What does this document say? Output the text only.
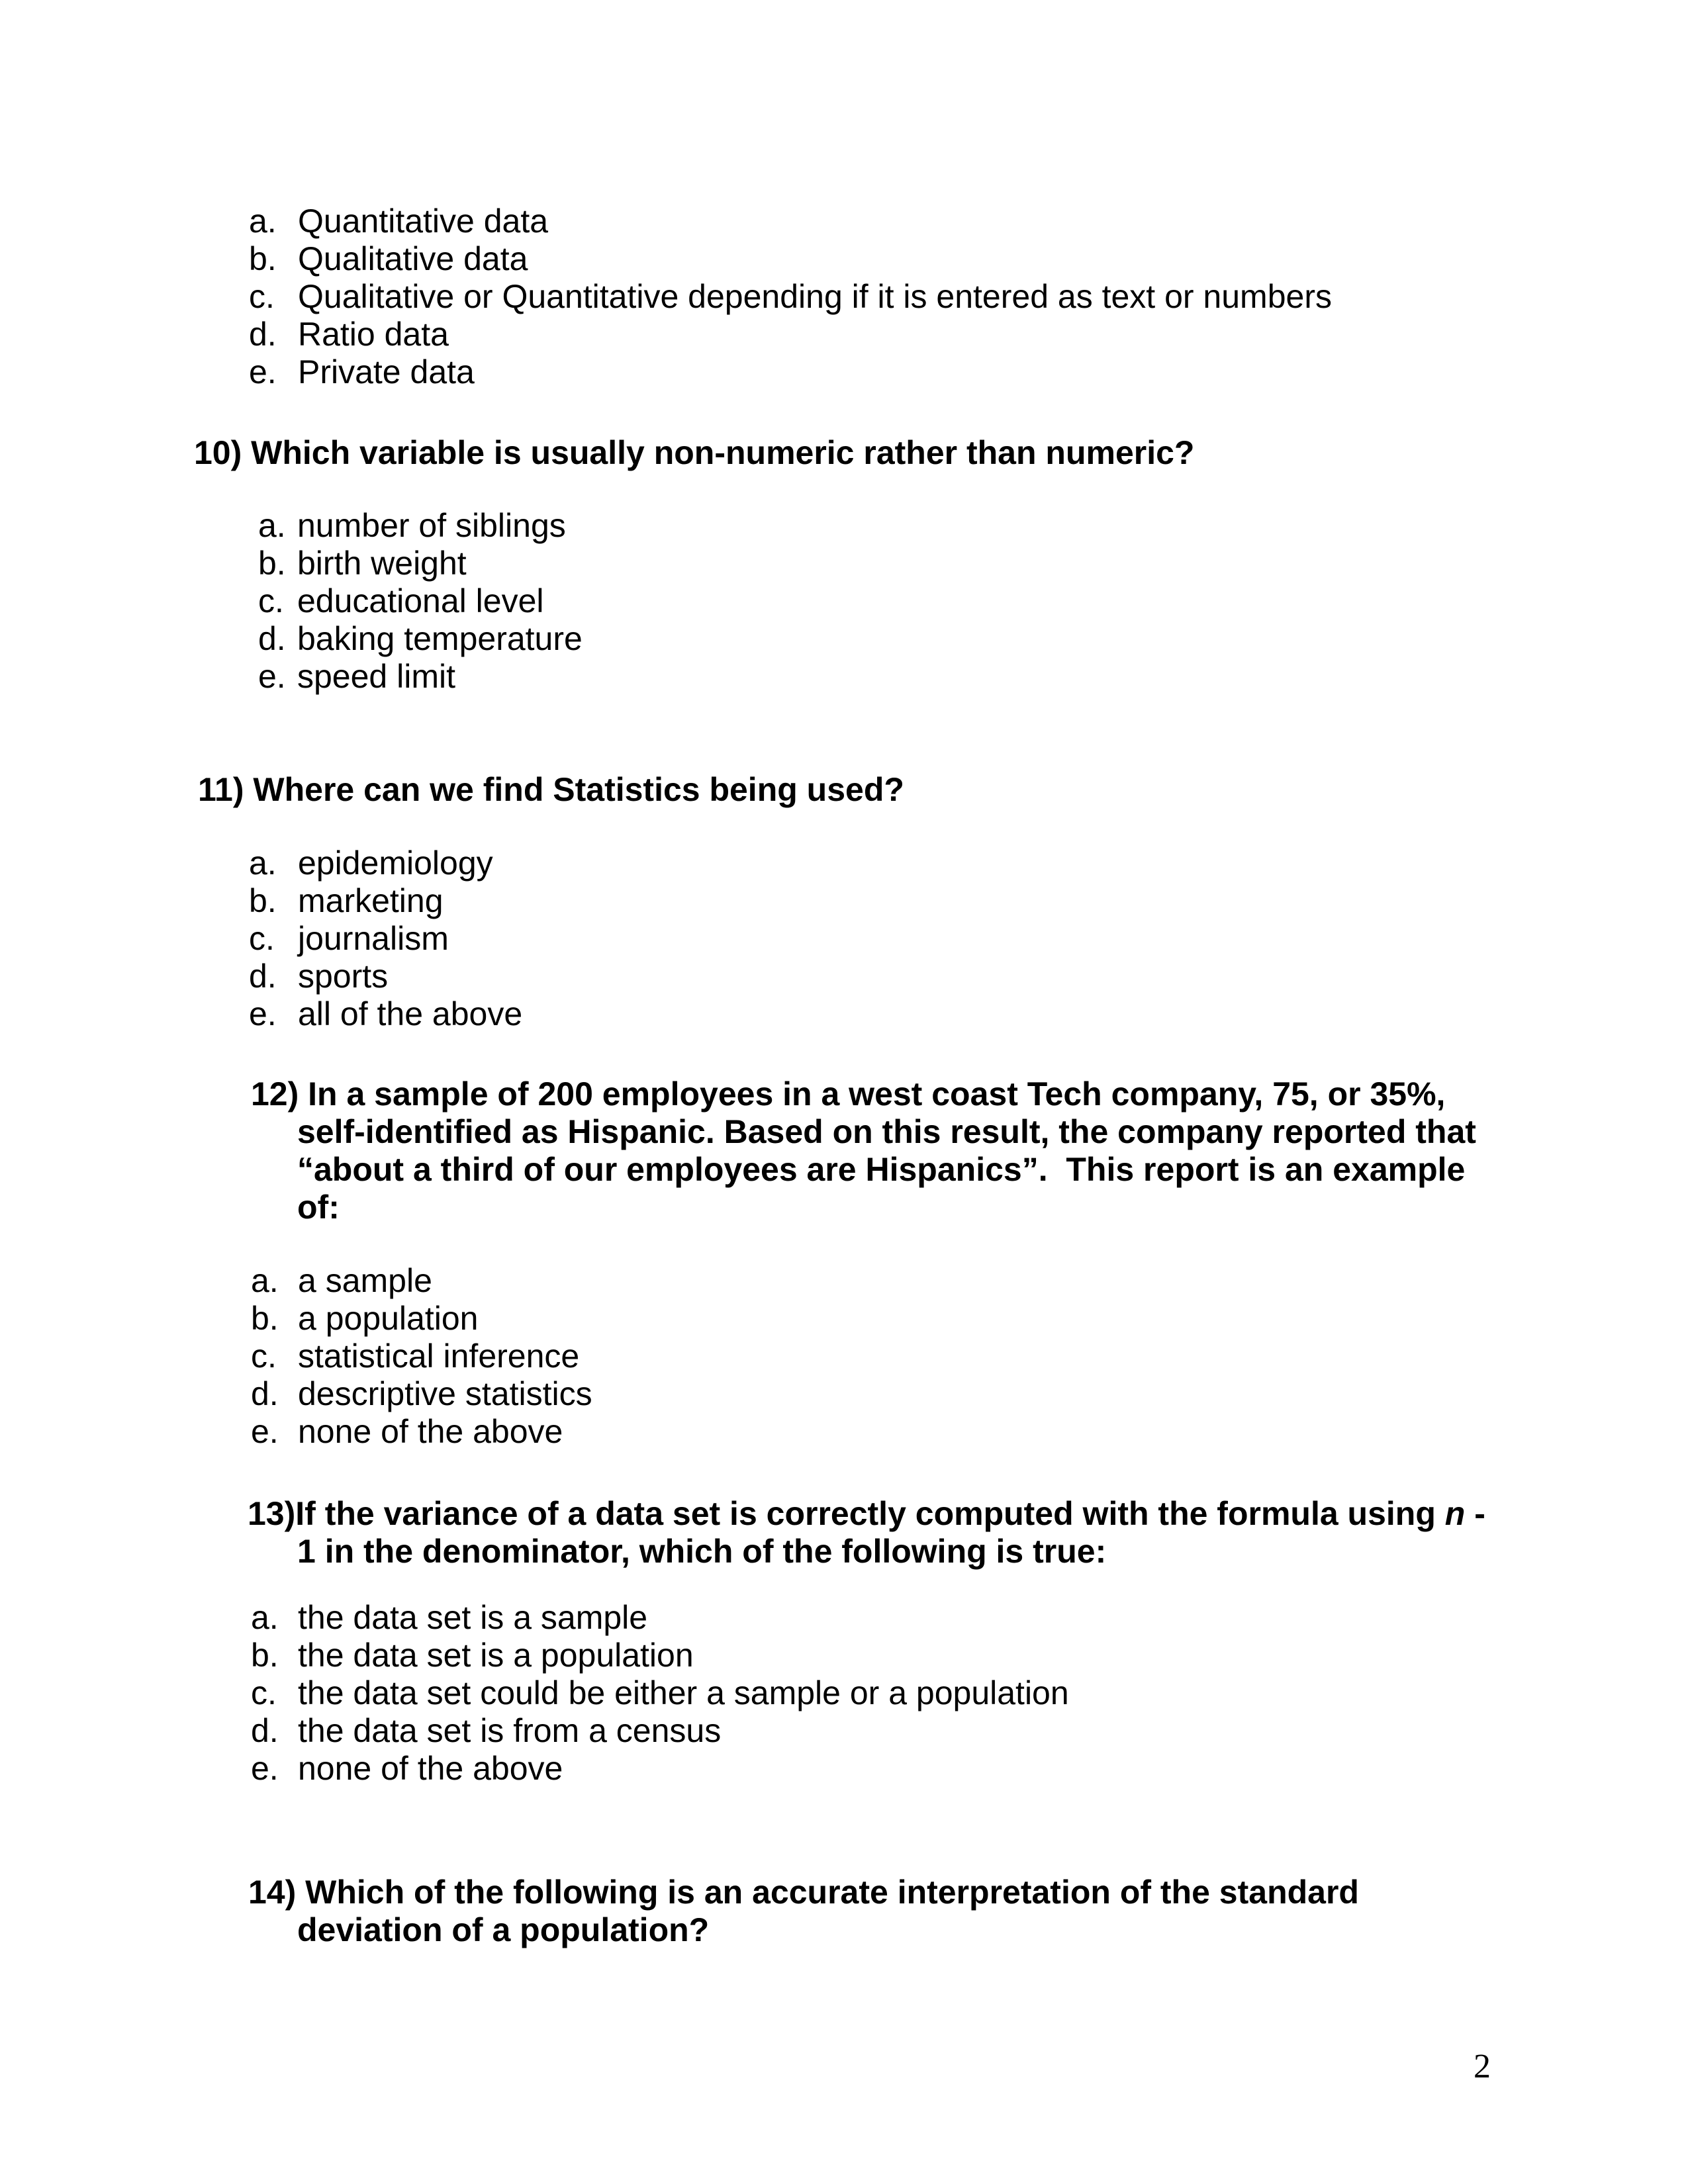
a. Quantitative data
b. Qualitative data
c. Qualitative or Quantitative depending if it is entered as text or numbers
d. Ratio data
e. Private data
10) Which variable is usually non-numeric rather than numeric?
a. number of siblings
b. birth weight
c. educational level
d. baking temperature
e. speed limit
11) Where can we find Statistics being used?
a. epidemiology
b. marketing
c. journalism
d. sports
e. all of the above
12) In a sample of 200 employees in a west coast Tech company, 75, or 35%,
self-identified as Hispanic. Based on this result, the company reported that
“about a third of our employees are Hispanics”.  This report is an example
of:
a. a sample
b. a population
c. statistical inference
d. descriptive statistics
e. none of the above
13)If the variance of a data set is correctly computed with the formula using n -
1 in the denominator, which of the following is true:
a. the data set is a sample
b. the data set is a population
c. the data set could be either a sample or a population
d. the data set is from a census
e. none of the above
14) Which of the following is an accurate interpretation of the standard
deviation of a population?
2
